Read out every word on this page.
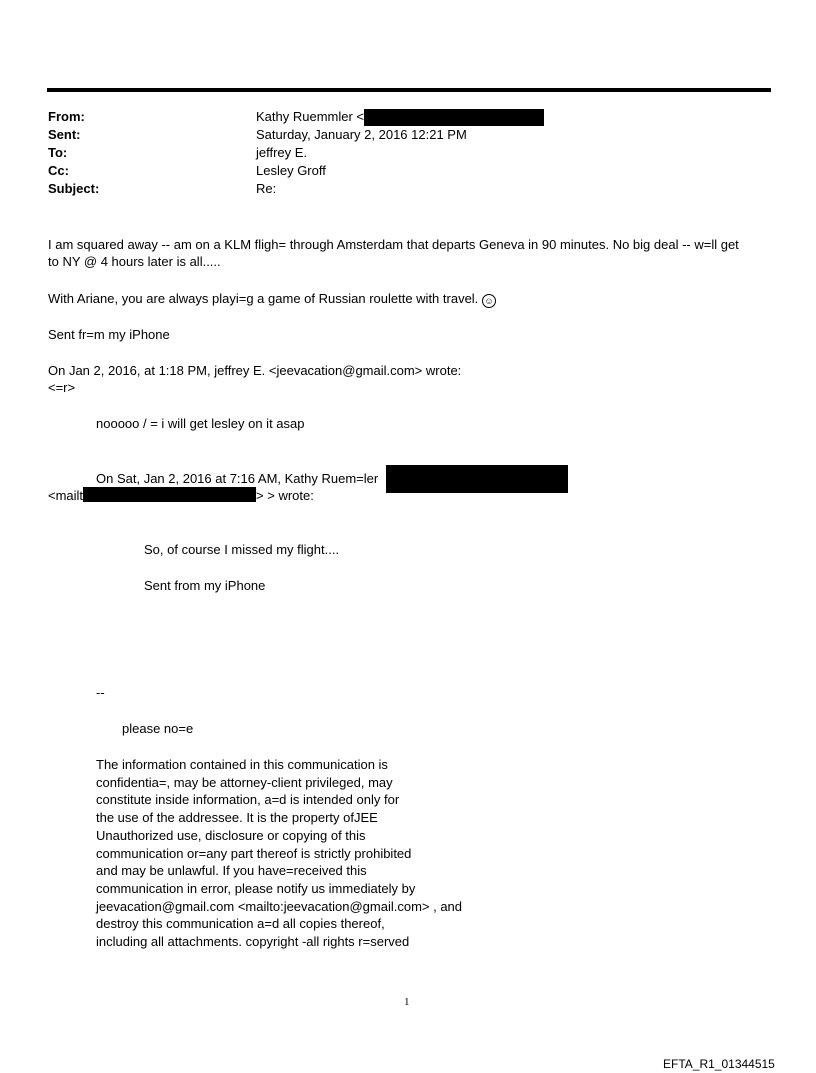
From:	Kathy Ruemmler <
Sent:	Saturday, January 2, 2016 12:21 PM
To:	jeffrey E.
Cc:	Lesley Groff
Subject:	Re:
I am squared away -- am on a KLM fligh= through Amsterdam that departs Geneva in 90 minutes. No big deal -- w=ll get
to NY @ 4 hours later is all.....
With Ariane, you are always playi=g a game of Russian roulette with travel. ☺
Sent fr=m my iPhone
On Jan 2, 2016, at 1:18 PM, jeffrey E. <jeevacation@gmail.com> wrote:
<=r>
nooooo / = i will get lesley on it asap
On Sat, Jan 2, 2016 at 7:16 AM, Kathy Ruem=ler
<mailt	> > wrote:
So, of course I missed my flight....
Sent from my iPhone
--
please no=e
The information contained in this communication is
confidentia=, may be attorney-client privileged, may
constitute inside information, a=d is intended only for
the use of the addressee. It is the property ofJEE
Unauthorized use, disclosure or copying of this
communication or=any part thereof is strictly prohibited
and may be unlawful. If you have=received this
communication in error, please notify us immediately by
jeevacation@gmail.com <mailto:jeevacation@gmail.com> , and
destroy this communication a=d all copies thereof,
including all attachments. copyright -all rights r=served
1
EFTA_R1_01344515
